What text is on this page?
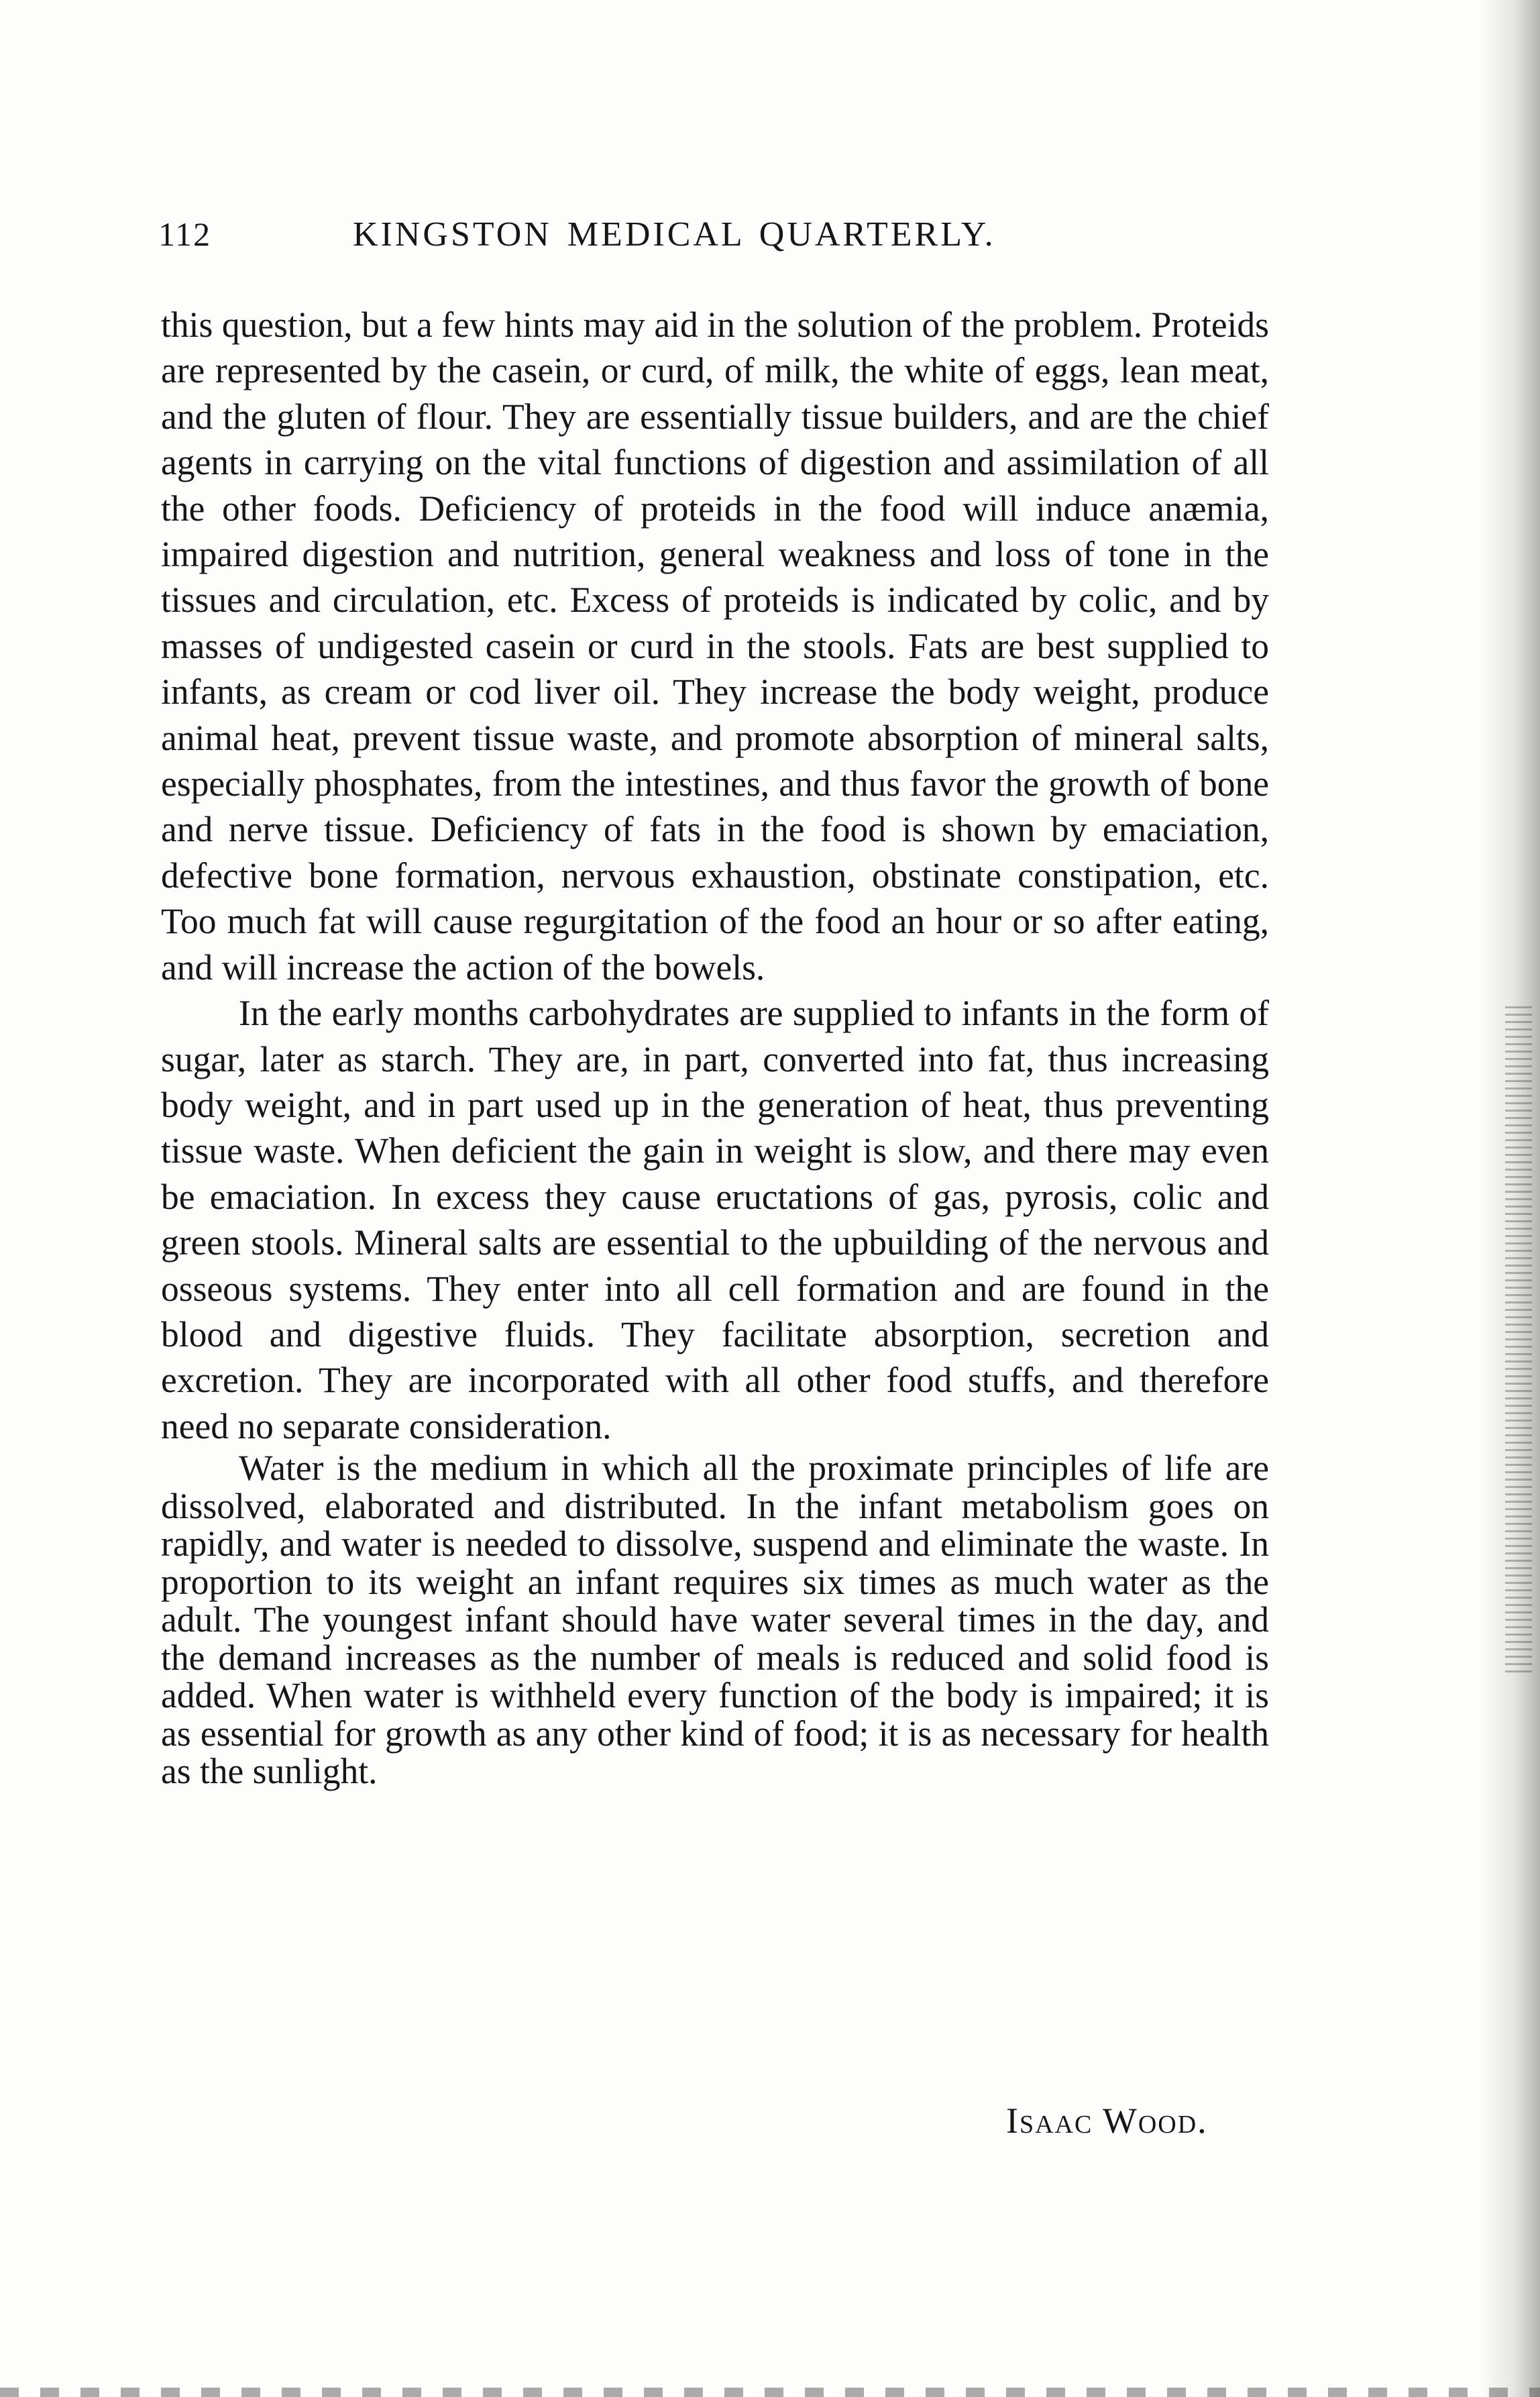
112	KINGSTON MEDICAL QUARTERLY.

this question, but a few hints may aid in the solution of the problem. Proteids are represented by the casein, or curd, of milk, the white of eggs, lean meat, and the gluten of flour. They are essentially tissue builders, and are the chief agents in carrying on the vital functions of digestion and assimilation of all the other foods. Deficiency of proteids in the food will induce anæmia, impaired digestion and nutrition, general weakness and loss of tone in the tissues and circulation, etc. Excess of proteids is indicated by colic, and by masses of undigested casein or curd in the stools. Fats are best supplied to infants, as cream or cod liver oil. They increase the body weight, produce animal heat, prevent tissue waste, and promote absorption of mineral salts, especially phosphates, from the intestines, and thus favor the growth of bone and nerve tissue. Deficiency of fats in the food is shown by emaciation, defective bone formation, nervous exhaustion, obstinate constipation, etc. Too much fat will cause regurgitation of the food an hour or so after eating, and will increase the action of the bowels.

In the early months carbohydrates are supplied to infants in the form of sugar, later as starch. They are, in part, converted into fat, thus increasing body weight, and in part used up in the generation of heat, thus preventing tissue waste. When deficient the gain in weight is slow, and there may even be emaciation. In excess they cause eructations of gas, pyrosis, colic and green stools. Mineral salts are essential to the upbuilding of the nervous and osseous systems. They enter into all cell formation and are found in the blood and digestive fluids. They facilitate absorption, secretion and excretion. They are incorporated with all other food stuffs, and therefore need no separate consideration.

Water is the medium in which all the proximate principles of life are dissolved, elaborated and distributed. In the infant metabolism goes on rapidly, and water is needed to dissolve, suspend and eliminate the waste. In proportion to its weight an infant requires six times as much water as the adult. The youngest infant should have water several times in the day, and the demand increases as the number of meals is reduced and solid food is added. When water is withheld every function of the body is impaired; it is as essential for growth as any other kind of food; it is as necessary for health as the sunlight.

Isaac Wood.
